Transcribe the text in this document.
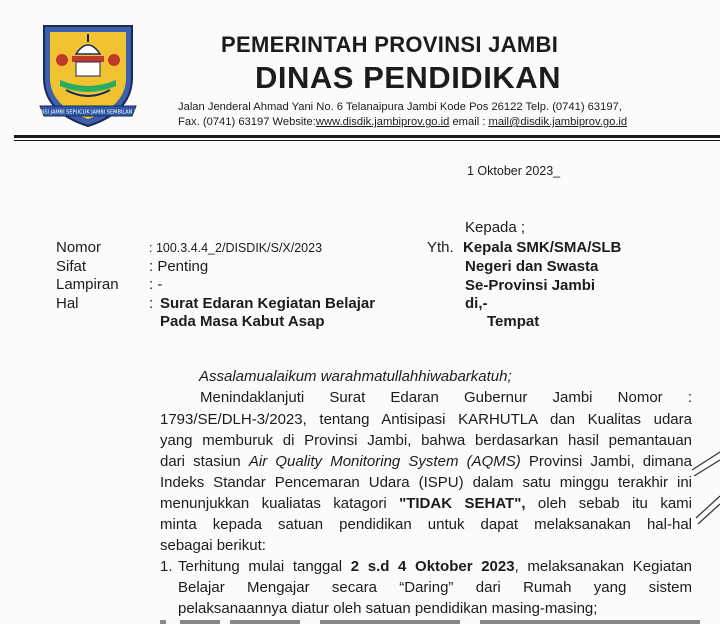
PROVINSI JAMBI SEPUCUK JAMBI SEMBILAN LURAH
PEMERINTAH PROVINSI JAMBI
DINAS PENDIDIKAN
Jalan Jenderal Ahmad Yani No. 6 Telanaipura Jambi Kode Pos 26122 Telp. (0741) 63197,
Fax. (0741) 63197 Website:www.disdik.jambiprov.go.id email : mail@disdik.jambiprov.go.id
1 Oktober 2023_
Nomor	: 100.3.4.4_2/DISDIK/S/X/2023
Sifat	: Penting
Lampiran : -
Hal	: Surat Edaran Kegiatan Belajar
Pada Masa Kabut Asap
Kepada ;
Yth. Kepala SMK/SMA/SLB
Negeri dan Swasta
Se-Provinsi Jambi
di,-
Tempat
Assalamualaikum warahmatullahhiwabarkatuh;
Menindaklanjuti Surat Edaran Gubernur Jambi Nomor :
1793/SE/DLH-3/2023, tentang Antisipasi KARHUTLA dan Kualitas udara
yang memburuk di Provinsi Jambi, bahwa berdasarkan hasil pemantauan
dari stasiun Air Quality Monitoring System (AQMS) Provinsi Jambi, dimana
Indeks Standar Pencemaran Udara (ISPU) dalam satu minggu terakhir ini
menunjukkan kualiatas katagori "TIDAK SEHAT", oleh sebab itu kami
minta kepada satuan pendidikan untuk dapat melaksanakan hal-hal
sebagai berikut:
1. Terhitung mulai tanggal 2 s.d 4 Oktober 2023, melaksanakan Kegiatan
Belajar Mengajar secara “Daring” dari Rumah yang sistem
pelaksanaannya diatur oleh satuan pendidikan masing-masing;
